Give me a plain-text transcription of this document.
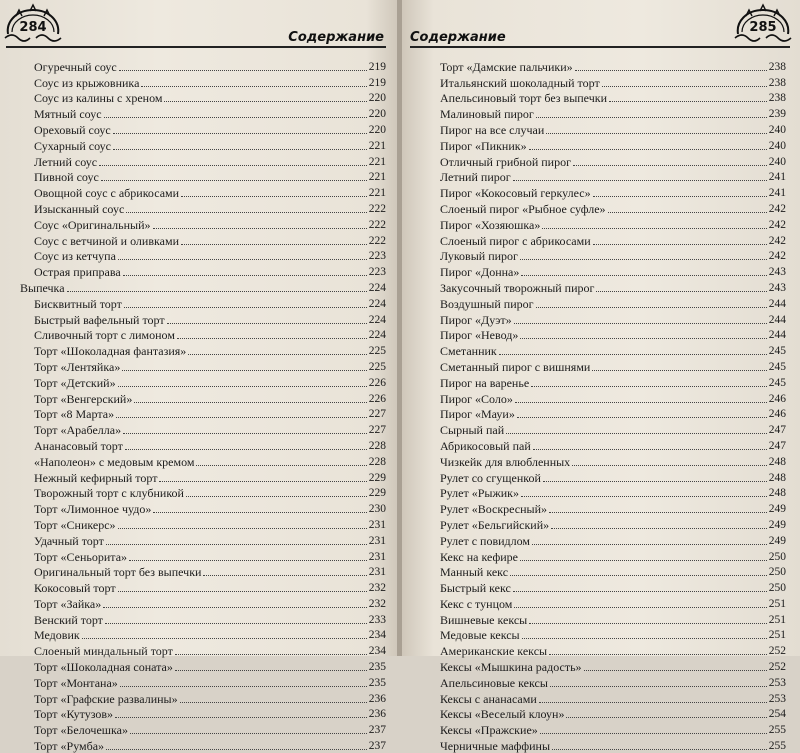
284
Содержание
Огуречный соус	219
Соус из крыжовника	219
Соус из калины с хреном	220
Мятный соус	220
Ореховый соус	220
Сухарный соус	221
Летний соус	221
Пивной соус	221
Овощной соус с абрикосами	221
Изысканный соус	222
Соус «Оригинальный»	222
Соус с ветчиной и оливками	222
Соус из кетчупа	223
Острая приправа	223
Выпечка	224
Бисквитный торт	224
Быстрый вафельный торт	224
Сливочный торт с лимоном	224
Торт «Шоколадная фантазия»	225
Торт «Лентяйка»	225
Торт «Детский»	226
Торт «Венгерский»	226
Торт «8 Марта»	227
Торт «Арабелла»	227
Ананасовый торт	228
«Наполеон» с медовым кремом	228
Нежный кефирный торт	229
Творожный торт с клубникой	229
Торт «Лимонное чудо»	230
Торт «Сникерс»	231
Удачный торт	231
Торт «Сеньорита»	231
Оригинальный торт без выпечки	231
Кокосовый торт	232
Торт «Зайка»	232
Венский торт	233
Медовик	234
Слоеный миндальный торт	234
Торт «Шоколадная соната»	235
Торт «Монтана»	235
Торт «Графские развалины»	236
Торт «Кутузов»	236
Торт «Белочешка»	237
Торт «Румба»	237
Содержание
285
Торт «Дамские пальчики»	238
Итальянский шоколадный торт	238
Апельсиновый торт без выпечки	238
Малиновый пирог	239
Пирог на все случаи	240
Пирог «Пикник»	240
Отличный грибной пирог	240
Летний пирог	241
Пирог «Кокосовый геркулес»	241
Слоеный пирог «Рыбное суфле»	242
Пирог «Хозяюшка»	242
Слоеный пирог с абрикосами	242
Луковый пирог	242
Пирог «Донна»	243
Закусочный творожный пирог	243
Воздушный пирог	244
Пирог «Дуэт»	244
Пирог «Невод»	244
Сметанник	245
Сметанный пирог с вишнями	245
Пирог на варенье	245
Пирог «Соло»	246
Пирог «Мауи»	246
Сырный пай	247
Абрикосовый пай	247
Чизкейк для влюбленных	248
Рулет со сгущенкой	248
Рулет «Рыжик»	248
Рулет «Воскресный»	249
Рулет «Бельгийский»	249
Рулет с повидлом	249
Кекс на кефире	250
Манный кекс	250
Быстрый кекс	250
Кекс с тунцом	251
Вишневые кексы	251
Медовые кексы	251
Американские кексы	252
Кексы «Мышкина радость»	252
Апельсиновые кексы	253
Кексы с ананасами	253
Кексы «Веселый клоун»	254
Кексы «Пражские»	255
Черничные маффины	255
